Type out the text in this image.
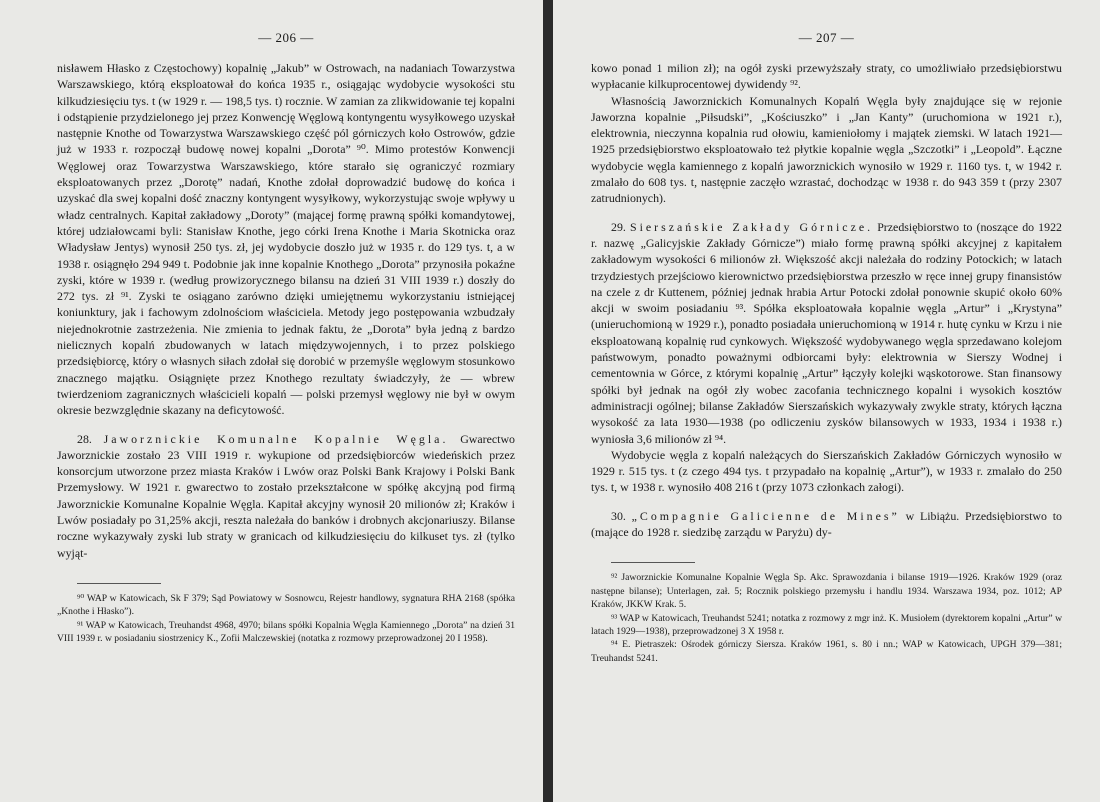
— 206 —

nisławem Hłasko z Częstochowy) kopalnię „Jakub” w Ostrowach, na nadaniach Towarzystwa Warszawskiego, którą eksploatował do końca 1935 r., osiągając wydobycie wysokości stu kilkudziesięciu tys. t (w 1929 r. — 198,5 tys. t) rocznie. W zamian za zlikwidowanie tej kopalni i odstąpienie przydzielonego jej przez Konwencję Węglową kontyngentu wysyłkowego uzyskał następnie Knothe od Towarzystwa Warszawskiego część pól górniczych koło Ostrowów, gdzie już w 1933 r. rozpoczął budowę nowej kopalni „Dorota” ⁹⁰. Mimo protestów Konwencji Węglowej oraz Towarzystwa Warszawskiego, które starało się ograniczyć rozmiary eksploatowanych przez „Dorotę” nadań, Knothe zdołał doprowadzić budowę do końca i uzyskać dla swej kopalni dość znaczny kontyngent wysyłkowy, wykorzystując swoje wpływy u władz centralnych. Kapitał zakładowy „Doroty” (mającej formę prawną spółki komandytowej, której udziałowcami byli: Stanisław Knothe, jego córki Irena Knothe i Maria Skotnicka oraz Władysław Jentys) wynosił 250 tys. zł, jej wydobycie doszło już w 1935 r. do 129 tys. t, a w 1938 r. osiągnęło 294 949 t. Podobnie jak inne kopalnie Knothego „Dorota” przynosiła pokaźne zyski, które w 1939 r. (według prowizorycznego bilansu na dzień 31 VIII 1939 r.) doszły do 272 tys. zł ⁹¹. Zyski te osiągano zarówno dzięki umiejętnemu wykorzystaniu istniejącej koniunktury, jak i fachowym zdolnościom właściciela. Metody jego postępowania wzbudzały niejednokrotnie zastrzeżenia. Nie zmienia to jednak faktu, że „Dorota” była jedną z bardzo nielicznych kopalń zbudowanych w latach międzywojennych, i to przez polskiego przedsiębiorcę, który o własnych siłach zdołał się dorobić w przemyśle węglowym stosunkowo znacznego majątku. Osiągnięte przez Knothego rezultaty świadczyły, że — wbrew twierdzeniom zagranicznych właścicieli kopalń — polski przemysł węglowy nie był w owym okresie bezwzględnie skazany na deficytowość.

28. Jaworznickie Komunalne Kopalnie Węgla. Gwarectwo Jaworznickie zostało 23 VIII 1919 r. wykupione od przedsiębiorców wiedeńskich przez konsorcjum utworzone przez miasta Kraków i Lwów oraz Polski Bank Krajowy i Polski Bank Przemysłowy. W 1921 r. gwarectwo to zostało przekształcone w spółkę akcyjną pod firmą Jaworznickie Komunalne Kopalnie Węgla. Kapitał akcyjny wynosił 20 milionów zł; Kraków i Lwów posiadały po 31,25% akcji, reszta należała do banków i drobnych akcjonariuszy. Bilanse roczne wykazywały zyski lub straty w granicach od kilkudziesięciu do kilkuset tys. zł (tylko wyjąt-

⁹⁰ WAP w Katowicach, Sk F 379; Sąd Powiatowy w Sosnowcu, Rejestr handlowy, sygnatura RHA 2168 (spółka „Knothe i Hłasko”).

⁹¹ WAP w Katowicach, Treuhandst 4968, 4970; bilans spółki Kopalnia Węgla Kamiennego „Dorota” na dzień 31 VIII 1939 r. w posiadaniu siostrzenicy K., Zofii Malczewskiej (notatka z rozmowy przeprowadzonej 20 I 1958).

— 207 —

kowo ponad 1 milion zł); na ogół zyski przewyższały straty, co umożliwiało przedsiębiorstwu wypłacanie kilkuprocentowej dywidendy ⁹².

Własnością Jaworznickich Komunalnych Kopalń Węgla były znajdujące się w rejonie Jaworzna kopalnie „Piłsudski”, „Kościuszko” i „Jan Kanty” (uruchomiona w 1921 r.), elektrownia, nieczynna kopalnia rud ołowiu, kamieniołomy i majątek ziemski. W latach 1921—1925 przedsiębiorstwo eksploatowało też płytkie kopalnie węgla „Szczotki” i „Leopold”. Łączne wydobycie węgla kamiennego z kopalń jaworznickich wynosiło w 1929 r. 1160 tys. t, w 1942 r. zmalało do 608 tys. t, następnie zaczęło wzrastać, dochodząc w 1938 r. do 943 359 t (przy 2307 zatrudnionych).

29. Sierszańskie Zakłady Górnicze. Przedsiębiorstwo to (noszące do 1922 r. nazwę „Galicyjskie Zakłady Górnicze”) miało formę prawną spółki akcyjnej z kapitałem zakładowym wysokości 6 milionów zł. Większość akcji należała do rodziny Potockich; w latach trzydziestych przejściowo kierownictwo przedsiębiorstwa przeszło w ręce innej grupy finansistów na czele z dr Kuttenem, później jednak hrabia Artur Potocki zdołał ponownie skupić około 60% akcji w swoim posiadaniu ⁹³. Spółka eksploatowała kopalnie węgla „Artur” i „Krystyna” (unieruchomioną w 1929 r.), ponadto posiadała unieruchomioną w 1914 r. hutę cynku w Krzu i nie eksploatowaną kopalnię rud cynkowych. Większość wydobywanego węgla sprzedawano kolejom państwowym, ponadto poważnymi odbiorcami były: elektrownia w Sierszy Wodnej i cementownia w Górce, z którymi kopalnię „Artur” łączyły kolejki wąskotorowe. Stan finansowy spółki był jednak na ogół zły wobec zacofania technicznego kopalni i wysokich kosztów administracji ogólnej; bilanse Zakładów Sierszańskich wykazywały zwykle straty, których łączna wysokość za lata 1930—1938 (po odliczeniu zysków bilansowych w 1933, 1934 i 1938 r.) wyniosła 3,6 milionów zł ⁹⁴.

Wydobycie węgla z kopalń należących do Sierszańskich Zakładów Górniczych wynosiło w 1929 r. 515 tys. t (z czego 494 tys. t przypadało na kopalnię „Artur”), w 1933 r. zmalało do 250 tys. t, w 1938 r. wynosiło 408 216 t (przy 1073 członkach załogi).

30. „Compagnie Galicienne de Mines” w Libiążu. Przedsiębiorstwo to (mające do 1928 r. siedzibę zarządu w Paryżu) dy-

⁹² Jaworznickie Komunalne Kopalnie Węgla Sp. Akc. Sprawozdania i bilanse 1919—1926. Kraków 1929 (oraz następne bilanse); Unterlagen, zał. 5; Rocznik polskiego przemysłu i handlu 1934. Warszawa 1934, poz. 1012; AP Kraków, JKKW Krak. 5.

⁹³ WAP w Katowicach, Treuhandst 5241; notatka z rozmowy z mgr inż. K. Musiołem (dyrektorem kopalni „Artur” w latach 1929—1938), przeprowadzonej 3 X 1958 r.

⁹⁴ E. Pietraszek: Ośrodek górniczy Siersza. Kraków 1961, s. 80 i nn.; WAP w Katowicach, UPGH 379—381; Treuhandst 5241.
